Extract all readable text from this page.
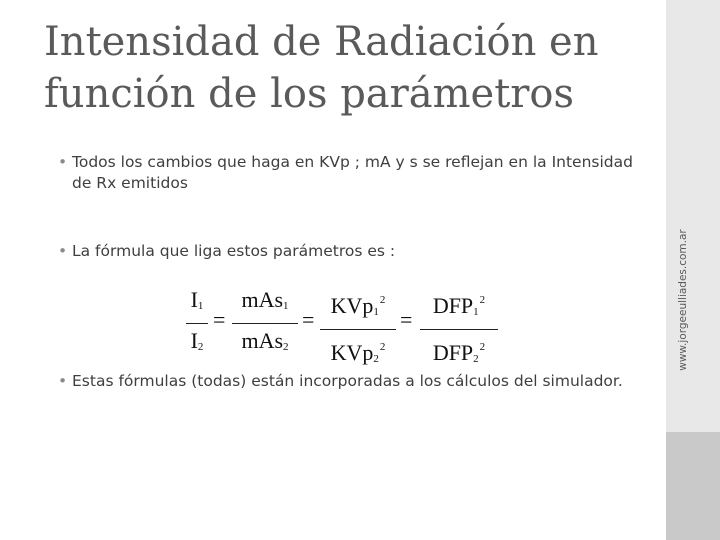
Intensidad de Radiación en función de los parámetros
• Todos los cambios que haga en KVp ; mA y s se reflejan en la Intensidad de Rx emitidos
• La fórmula que liga estos parámetros es :
• Estas fórmulas (todas) están incorporadas a los cálculos del simulador.
$I_1$
$I_2$
=
mAs$_1$
mAs$_2$
=
KVp$_1^2$
KVp$_2^2$
=
$DFP_1^2$
$DFP_2^2$	www.jorgeeulliades.com.ar
